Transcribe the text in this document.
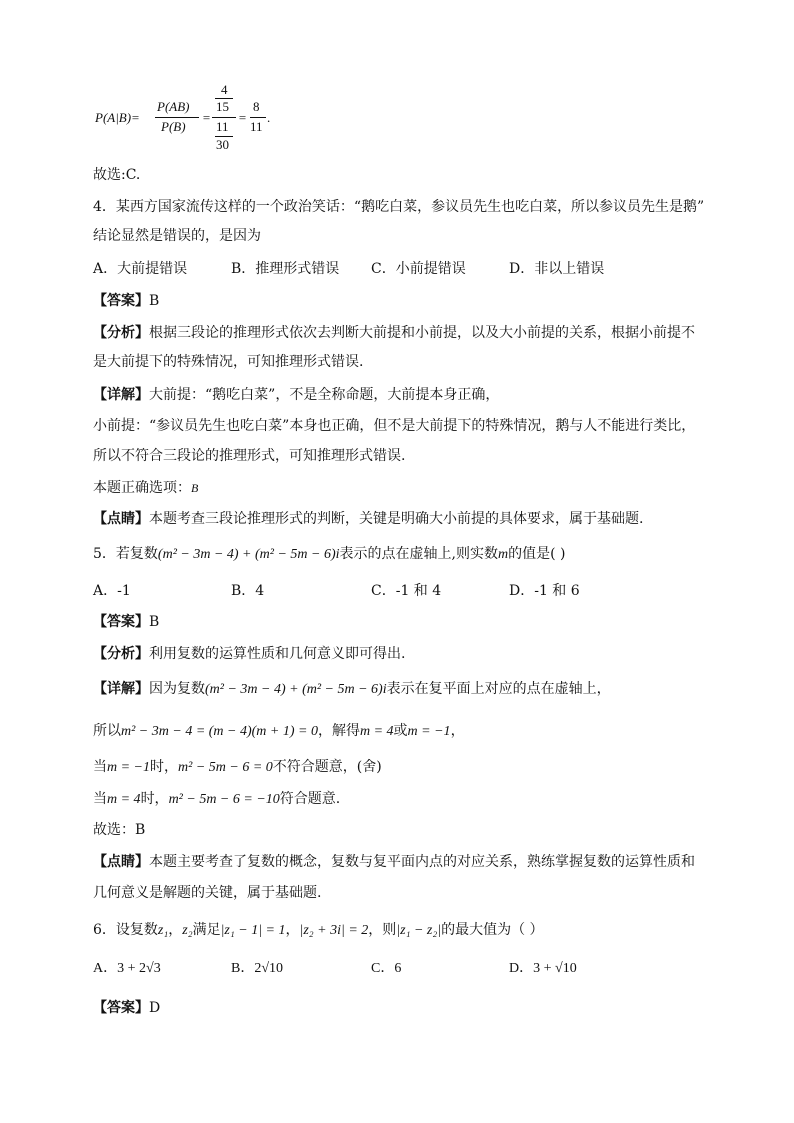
P(A|B)=
P(AB)
P(B)
=
4
15
11
30
=
8
11
.
故选:C.
4．某西方国家流传这样的一个政治笑话：“鹅吃白菜，参议员先生也吃白菜，所以参议员先生是鹅”
结论显然是错误的，是因为
A．大前提错误	B．推理形式错误 C．小前提错误	D．非以上错误
【答案】B
【分析】根据三段论的推理形式依次去判断大前提和小前提，以及大小前提的关系，根据小前提不
是大前提下的特殊情况，可知推理形式错误.
【详解】大前提：“鹅吃白菜”，不是全称命题，大前提本身正确，
小前提：“参议员先生也吃白菜”本身也正确，但不是大前提下的特殊情况，鹅与人不能进行类比，
所以不符合三段论的推理形式，可知推理形式错误.
本题正确选项：B
【点睛】本题考查三段论推理形式的判断，关键是明确大小前提的具体要求，属于基础题.
5．若复数(m² − 3m − 4) + (m² − 5m − 6)i表示的点在虚轴上,则实数m的值是( )
A．-1	B．4	C．-1 和 4	D．-1 和 6
【答案】B
【分析】利用复数的运算性质和几何意义即可得出.
【详解】因为复数(m² − 3m − 4) + (m² − 5m − 6)i表示在复平面上对应的点在虚轴上，
所以m² − 3m − 4 = (m − 4)(m + 1) = 0，解得m = 4或m = −1，
当m = −1时，m² − 5m − 6 = 0不符合题意，(舍)
当m = 4时，m² − 5m − 6 = −10符合题意.
故选：B
【点睛】本题主要考查了复数的概念，复数与复平面内点的对应关系，熟练掌握复数的运算性质和
几何意义是解题的关键，属于基础题.
6．设复数z₁，z₂满足|z₁ − 1| = 1，|z₂ + 3i| = 2，则|z₁ − z₂|的最大值为（ ）
A．3 + 2√3	B．2√10	C．6	D．3 + √10
【答案】D
